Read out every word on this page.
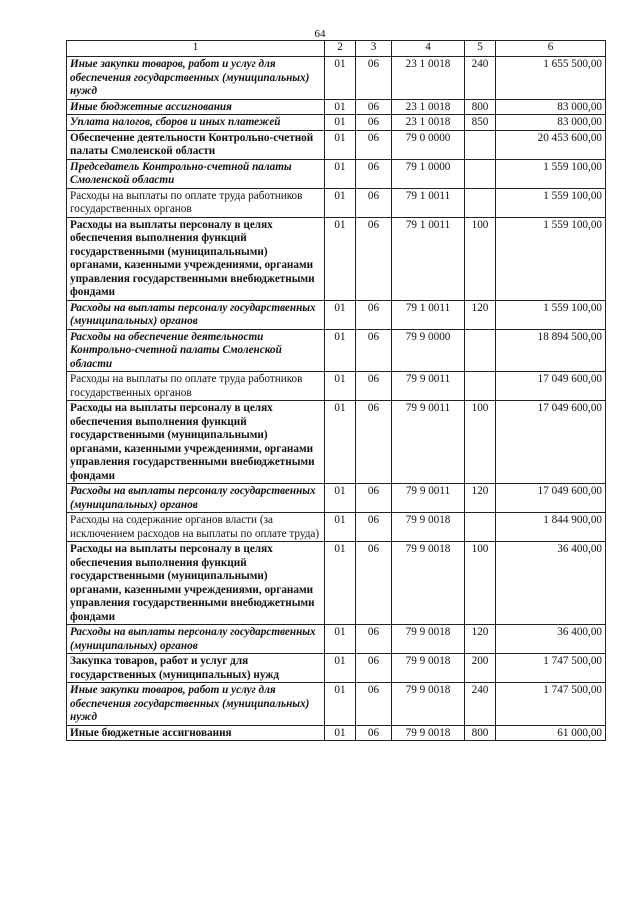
64
1	2	3	4	5	6
Иные закупки товаров, работ и услуг для обеспечения государственных (муниципальных) нужд	01	06	23 1 0018	240	1 655 500,00
Иные бюджетные ассигнования	01	06	23 1 0018	800	83 000,00
Уплата налогов, сборов и иных платежей	01	06	23 1 0018	850	83 000,00
Обеспечение деятельности Контрольно-счетной палаты Смоленской области	01	06	79 0 0000		20 453 600,00
Председатель Контрольно-счетной палаты Смоленской области	01	06	79 1 0000		1 559 100,00
Расходы на выплаты по оплате труда работников государственных органов	01	06	79 1 0011		1 559 100,00
Расходы на выплаты персоналу в целях обеспечения выполнения функций государственными (муниципальными) органами, казенными учреждениями, органами управления государственными внебюджетными фондами	01	06	79 1 0011	100	1 559 100,00
Расходы на выплаты персоналу государственных (муниципальных) органов	01	06	79 1 0011	120	1 559 100,00
Расходы на обеспечение деятельности Контрольно-счетной палаты Смоленской области	01	06	79 9 0000		18 894 500,00
Расходы на выплаты по оплате труда работников государственных органов	01	06	79 9 0011		17 049 600,00
Расходы на выплаты персоналу в целях обеспечения выполнения функций государственными (муниципальными) органами, казенными учреждениями, органами управления государственными внебюджетными фондами	01	06	79 9 0011	100	17 049 600,00
Расходы на выплаты персоналу государственных (муниципальных) органов	01	06	79 9 0011	120	17 049 600,00
Расходы на содержание органов власти (за исключением расходов на выплаты по оплате труда)	01	06	79 9 0018		1 844 900,00
Расходы на выплаты персоналу в целях обеспечения выполнения функций государственными (муниципальными) органами, казенными учреждениями, органами управления государственными внебюджетными фондами	01	06	79 9 0018	100	36 400,00
Расходы на выплаты персоналу государственных (муниципальных) органов	01	06	79 9 0018	120	36 400,00
Закупка товаров, работ и услуг для государственных (муниципальных) нужд	01	06	79 9 0018	200	1 747 500,00
Иные закупки товаров, работ и услуг для обеспечения государственных (муниципальных) нужд	01	06	79 9 0018	240	1 747 500,00
Иные бюджетные ассигнования	01	06	79 9 0018	800	61 000,00
